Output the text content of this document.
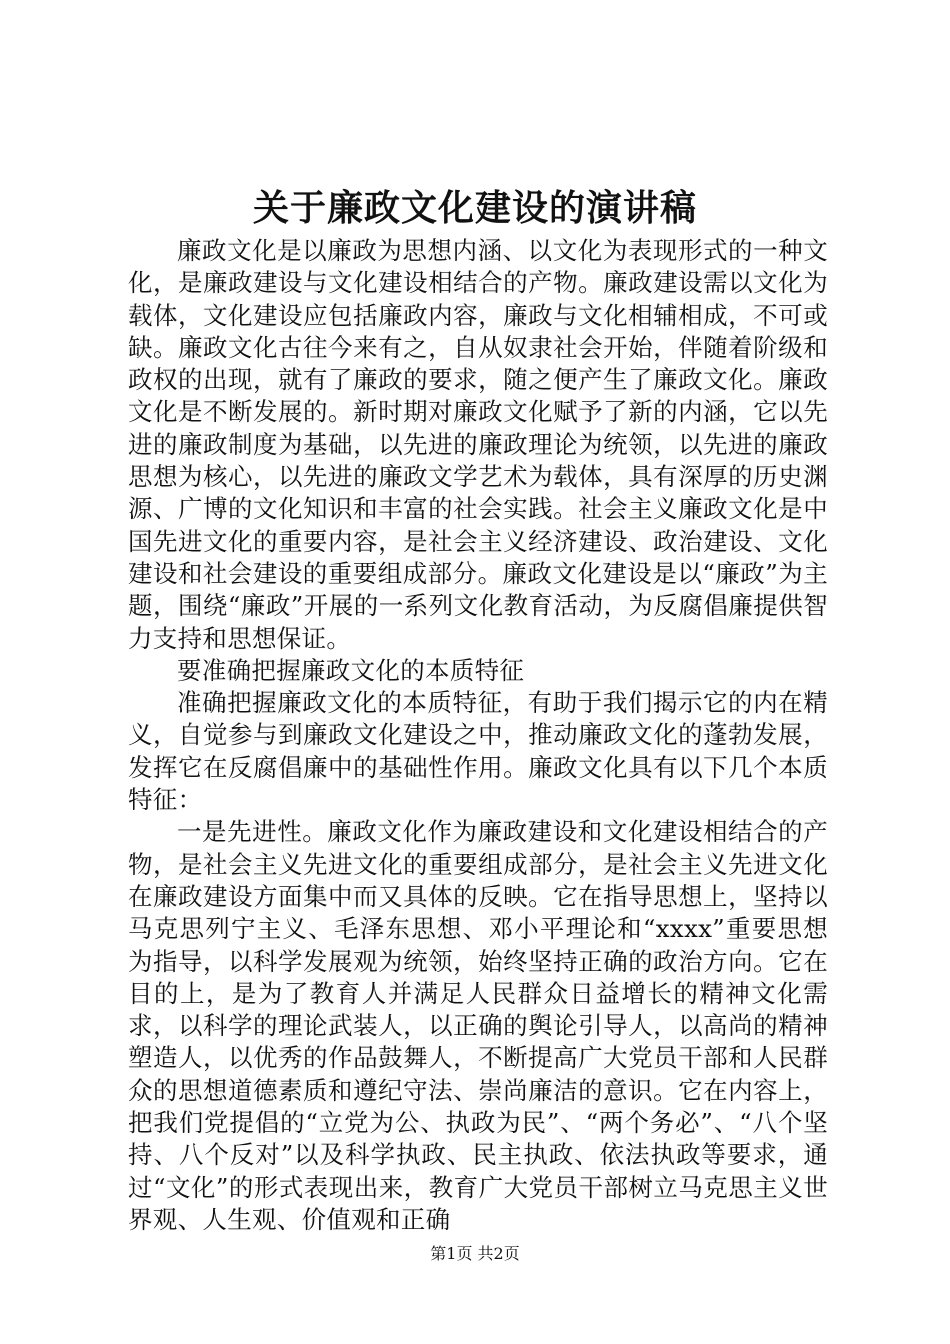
关于廉政文化建设的演讲稿

廉政文化是以廉政为思想内涵、以文化为表现形式的一种文化，是廉政建设与文化建设相结合的产物。廉政建设需以文化为载体，文化建设应包括廉政内容，廉政与文化相辅相成，不可或缺。廉政文化古往今来有之，自从奴隶社会开始，伴随着阶级和政权的出现，就有了廉政的要求，随之便产生了廉政文化。廉政文化是不断发展的。新时期对廉政文化赋予了新的内涵，它以先进的廉政制度为基础，以先进的廉政理论为统领，以先进的廉政思想为核心，以先进的廉政文学艺术为载体，具有深厚的历史渊源、广博的文化知识和丰富的社会实践。社会主义廉政文化是中国先进文化的重要内容，是社会主义经济建设、政治建设、文化建设和社会建设的重要组成部分。廉政文化建设是以“廉政”为主题，围绕“廉政”开展的一系列文化教育活动，为反腐倡廉提供智力支持和思想保证。

要准确把握廉政文化的本质特征

准确把握廉政文化的本质特征，有助于我们揭示它的内在精义，自觉参与到廉政文化建设之中，推动廉政文化的蓬勃发展，发挥它在反腐倡廉中的基础性作用。廉政文化具有以下几个本质特征：

一是先进性。廉政文化作为廉政建设和文化建设相结合的产物，是社会主义先进文化的重要组成部分，是社会主义先进文化在廉政建设方面集中而又具体的反映。它在指导思想上，坚持以马克思列宁主义、毛泽东思想、邓小平理论和“xxxx”重要思想为指导，以科学发展观为统领，始终坚持正确的政治方向。它在目的上，是为了教育人并满足人民群众日益增长的精神文化需求，以科学的理论武装人，以正确的舆论引导人，以高尚的精神塑造人，以优秀的作品鼓舞人，不断提高广大党员干部和人民群众的思想道德素质和遵纪守法、崇尚廉洁的意识。它在内容上，把我们党提倡的“立党为公、执政为民”、“两个务必”、“八个坚持、八个反对”以及科学执政、民主执政、依法执政等要求，通过“文化”的形式表现出来，教育广大党员干部树立马克思主义世界观、人生观、价值观和正确

第1页 共2页
